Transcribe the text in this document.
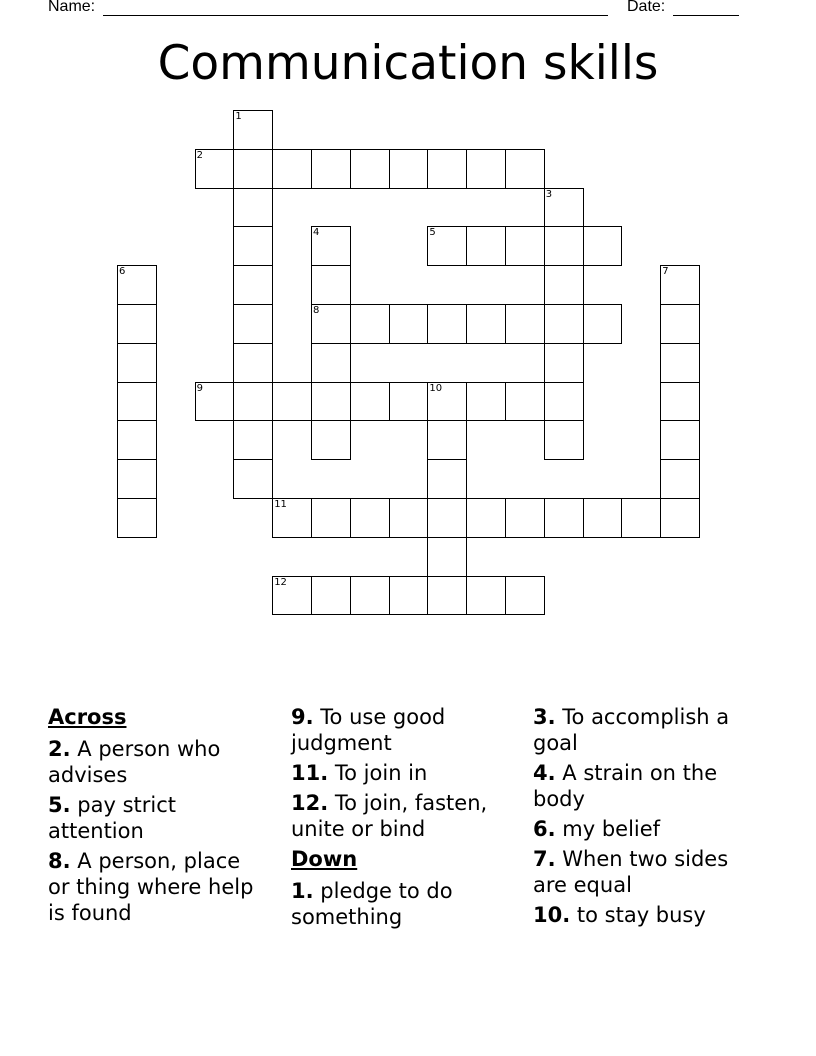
Name:	Date:
Communication skills
1
2
3
4	5
6	7
8
9	10
11
12
Across
2. A person who advises
5. pay strict attention
8. A person, place or thing where help is found
9. To use good judgment
11. To join in
12. To join, fasten, unite or bind
Down
1. pledge to do something
3. To accomplish a goal
4. A strain on the body
6. my belief
7. When two sides are equal
10. to stay busy
